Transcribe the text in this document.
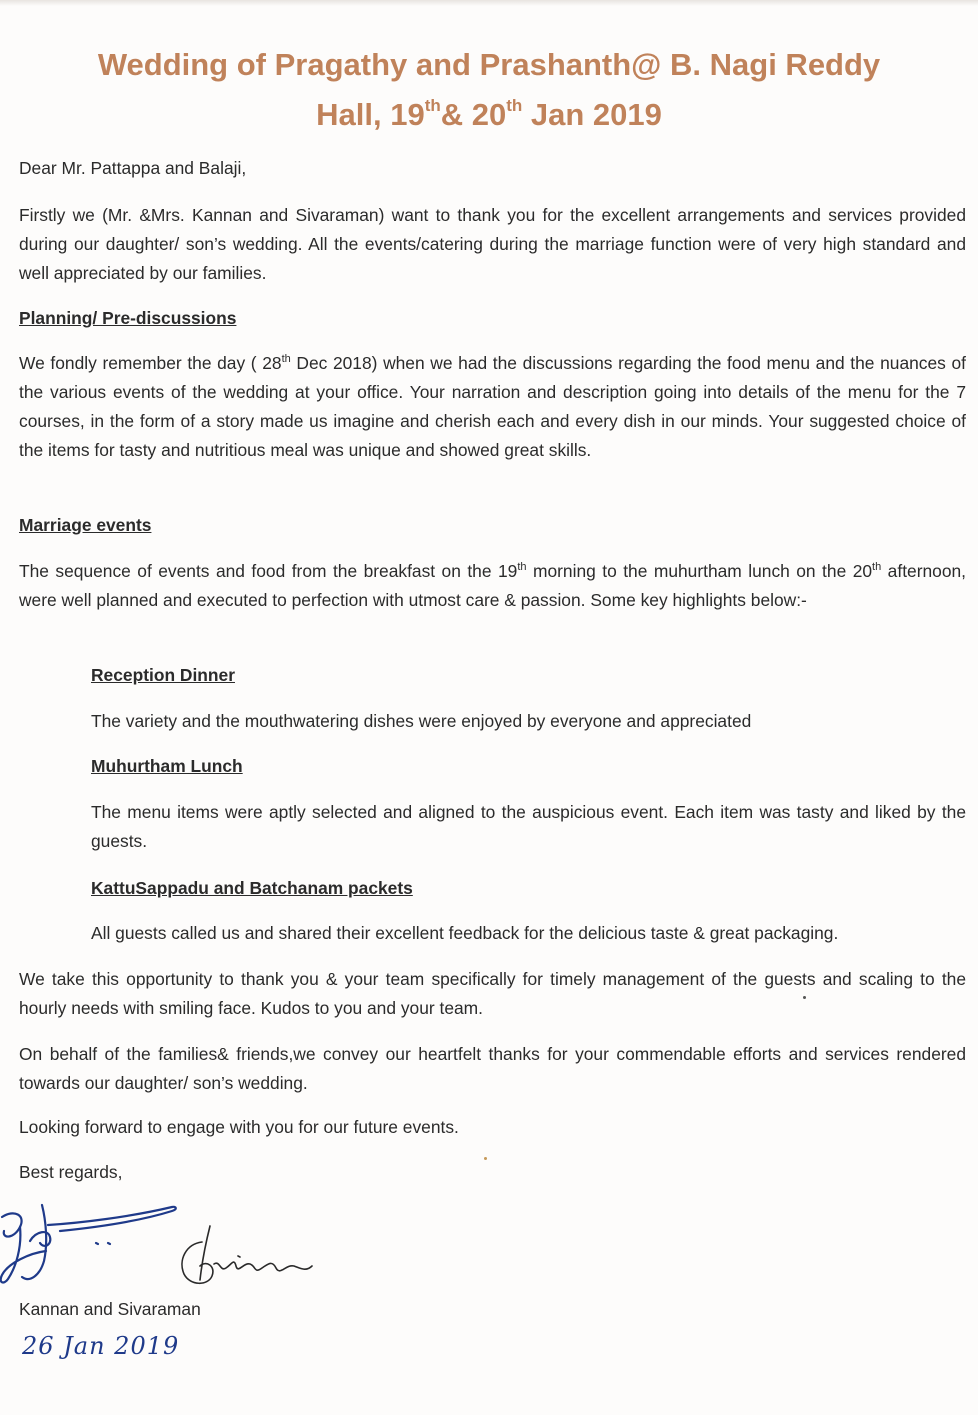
Wedding of Pragathy and Prashanth@ B. Nagi Reddy
Hall, 19th& 20th Jan 2019

Dear Mr. Pattappa and Balaji,

Firstly we (Mr. &Mrs. Kannan and Sivaraman) want to thank you for the excellent arrangements and services provided during our daughter/ son’s wedding. All the events/catering during the marriage function were of very high standard and well appreciated by our families.

Planning/ Pre-discussions

We fondly remember the day ( 28th Dec 2018) when we had the discussions regarding the food menu and the nuances of the various events of the wedding at your office. Your narration and description going into details of the menu for the 7 courses, in the form of a story made us imagine and cherish each and every dish in our minds. Your suggested choice of the items for tasty and nutritious meal was unique and showed great skills.

Marriage events

The sequence of events and food from the breakfast on the 19th morning to the muhurtham lunch on the 20th afternoon, were well planned and executed to perfection with utmost care & passion. Some key highlights below:-

Reception Dinner

The variety and the mouthwatering dishes were enjoyed by everyone and appreciated

Muhurtham Lunch

The menu items were aptly selected and aligned to the auspicious event. Each item was tasty and liked by the guests.

KattuSappadu and Batchanam packets

All guests called us and shared their excellent feedback for the delicious taste & great packaging.

We take this opportunity to thank you & your team specifically for timely management of the guests and scaling to the hourly needs with smiling face. Kudos to you and your team.

On behalf of the families& friends,we convey our heartfelt thanks for your commendable efforts and services rendered towards our daughter/ son’s wedding.

Looking forward to engage with you for our future events.

Best regards,

Kannan and Sivaraman

26 Jan 2019
